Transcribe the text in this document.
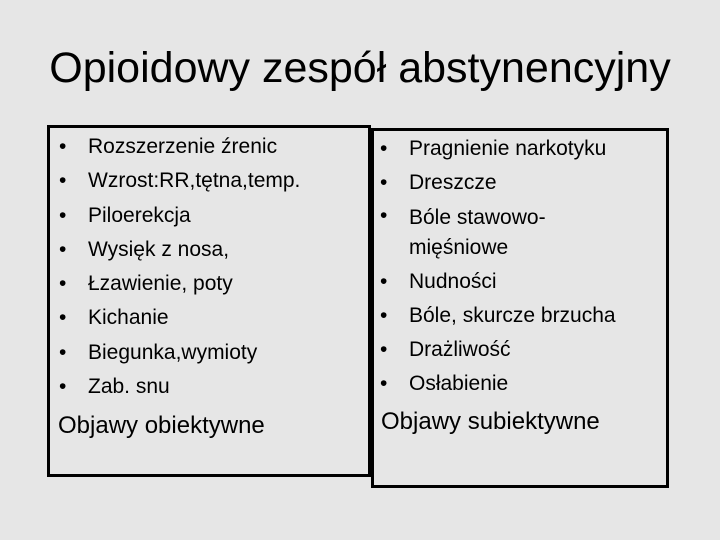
Opioidowy zespół abstynencyjny
• Rozszerzenie źrenic
• Wzrost:RR,tętna,temp.
• Piloerekcja
• Wysięk z nosa,
• Łzawienie, poty
• Kichanie
• Biegunka,wymioty
• Zab. snu
Objawy obiektywne
• Pragnienie narkotyku
• Dreszcze
• Bóle stawowo-
mięśniowe
• Nudności
• Bóle, skurcze brzucha
• Drażliwość
• Osłabienie
Objawy subiektywne
